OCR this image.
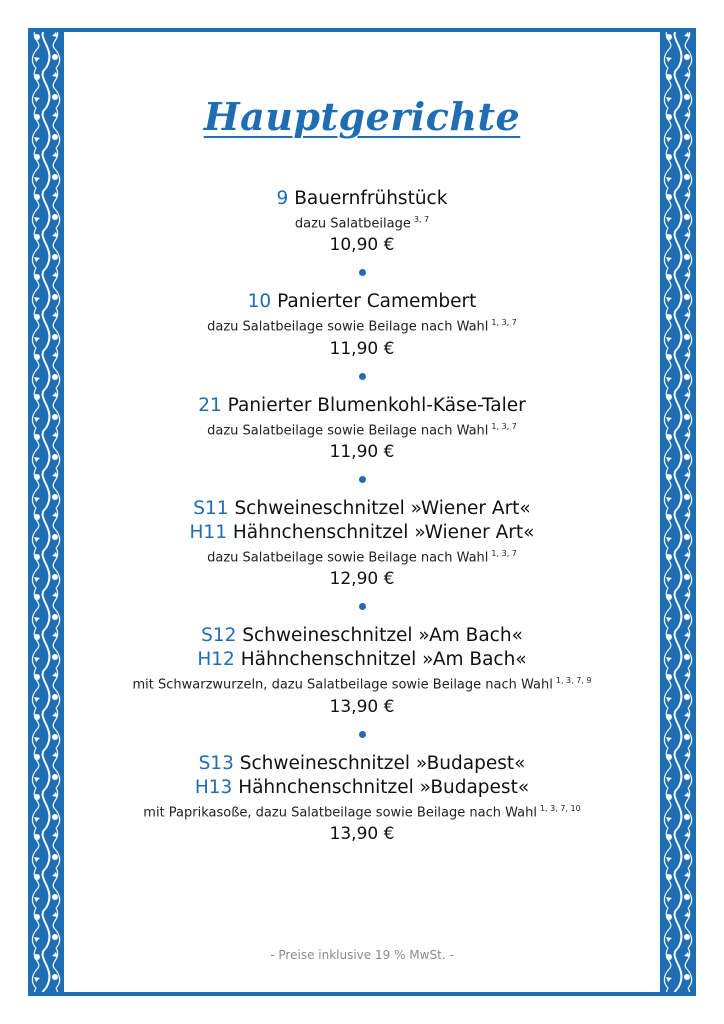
Hauptgerichte
9 Bauernfrühstück
dazu Salatbeilage $^{3, 7}$
10,90 €
10 Panierter Camembert
dazu Salatbeilage sowie Beilage nach Wahl $^{1, 3, 7}$
11,90 €
21 Panierter Blumenkohl-Käse-Taler
dazu Salatbeilage sowie Beilage nach Wahl $^{1, 3, 7}$
11,90 €
S11 Schweineschnitzel »Wiener Art«
H11 Hähnchenschnitzel »Wiener Art«
dazu Salatbeilage sowie Beilage nach Wahl $^{1, 3, 7}$
12,90 €
S12 Schweineschnitzel »Am Bach«
H12 Hähnchenschnitzel »Am Bach«
mit Schwarzwurzeln, dazu Salatbeilage sowie Beilage nach Wahl $^{1, 3, 7, 9}$
13,90 €
S13 Schweineschnitzel »Budapest«
H13 Hähnchenschnitzel »Budapest«
mit Paprikasoße, dazu Salatbeilage sowie Beilage nach Wahl $^{1, 3, 7, 10}$
13,90 €
- Preise inklusive 19 % MwSt. -
